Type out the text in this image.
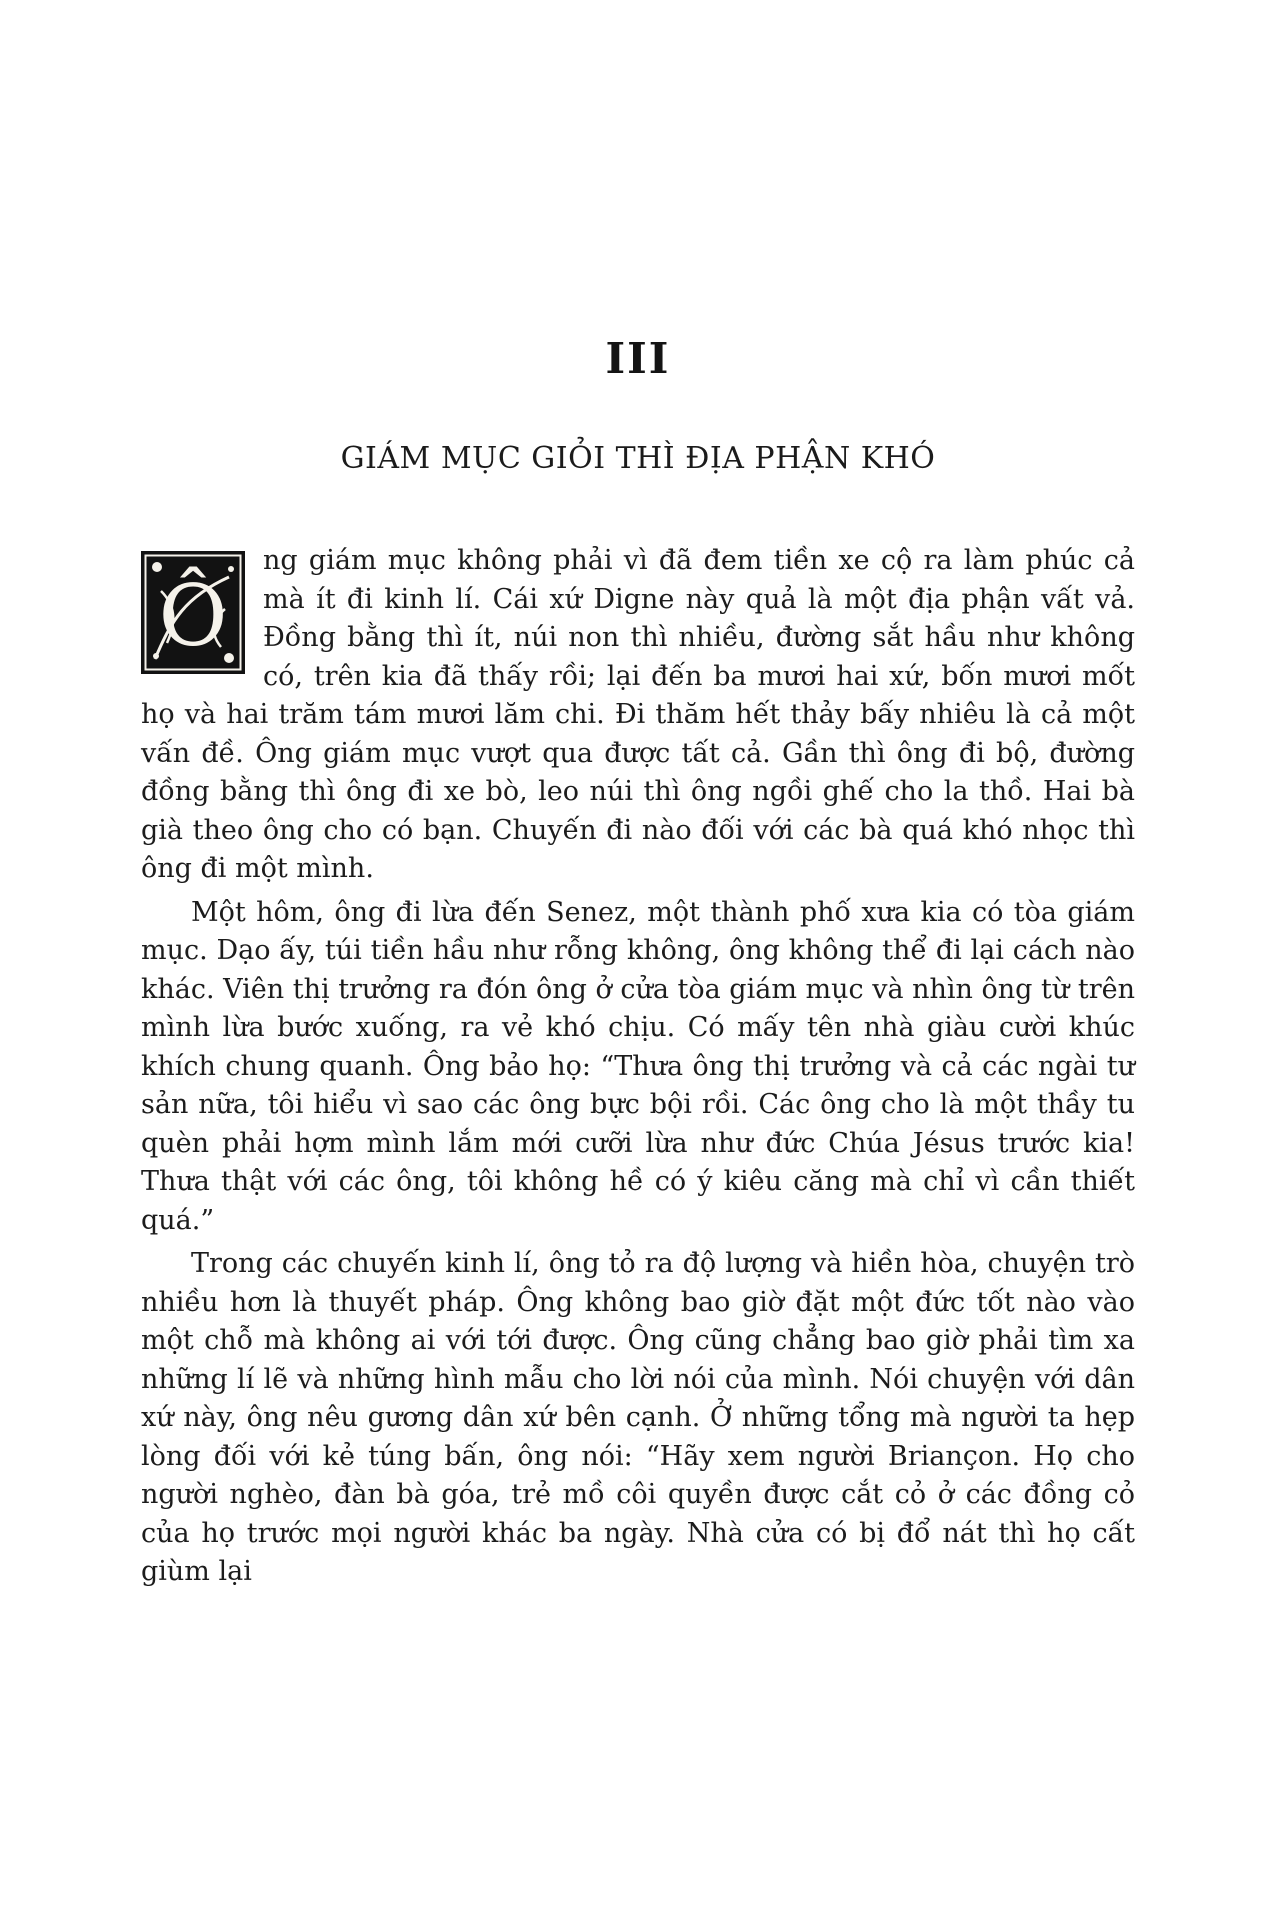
III
GIÁM MỤC GIỎI THÌ ĐỊA PHẬN KHÓ

Ô
ng giám mục không phải vì đã đem tiền xe cộ ra làm phúc cả mà ít đi kinh lí. Cái xứ Digne này quả là một địa phận vất vả. Đồng bằng thì ít, núi non thì nhiều, đường sắt hầu như không có, trên kia đã thấy rồi; lại đến ba mươi hai xứ, bốn mươi mốt họ và hai trăm tám mươi lăm chi. Đi thăm hết thảy bấy nhiêu là cả một vấn đề. Ông giám mục vượt qua được tất cả. Gần thì ông đi bộ, đường đồng bằng thì ông đi xe bò, leo núi thì ông ngồi ghế cho la thồ. Hai bà già theo ông cho có bạn. Chuyến đi nào đối với các bà quá khó nhọc thì ông đi một mình.

Một hôm, ông đi lừa đến Senez, một thành phố xưa kia có tòa giám mục. Dạo ấy, túi tiền hầu như rỗng không, ông không thể đi lại cách nào khác. Viên thị trưởng ra đón ông ở cửa tòa giám mục và nhìn ông từ trên mình lừa bước xuống, ra vẻ khó chịu. Có mấy tên nhà giàu cười khúc khích chung quanh. Ông bảo họ: “Thưa ông thị trưởng và cả các ngài tư sản nữa, tôi hiểu vì sao các ông bực bội rồi. Các ông cho là một thầy tu quèn phải hợm mình lắm mới cưỡi lừa như đức Chúa Jésus trước kia! Thưa thật với các ông, tôi không hề có ý kiêu căng mà chỉ vì cần thiết quá.”

Trong các chuyến kinh lí, ông tỏ ra độ lượng và hiền hòa, chuyện trò nhiều hơn là thuyết pháp. Ông không bao giờ đặt một đức tốt nào vào một chỗ mà không ai với tới được. Ông cũng chẳng bao giờ phải tìm xa những lí lẽ và những hình mẫu cho lời nói của mình. Nói chuyện với dân xứ này, ông nêu gương dân xứ bên cạnh. Ở những tổng mà người ta hẹp lòng đối với kẻ túng bấn, ông nói: “Hãy xem người Briançon. Họ cho người nghèo, đàn bà góa, trẻ mồ côi quyền được cắt cỏ ở các đồng cỏ của họ trước mọi người khác ba ngày. Nhà cửa có bị đổ nát thì họ cất giùm lại
